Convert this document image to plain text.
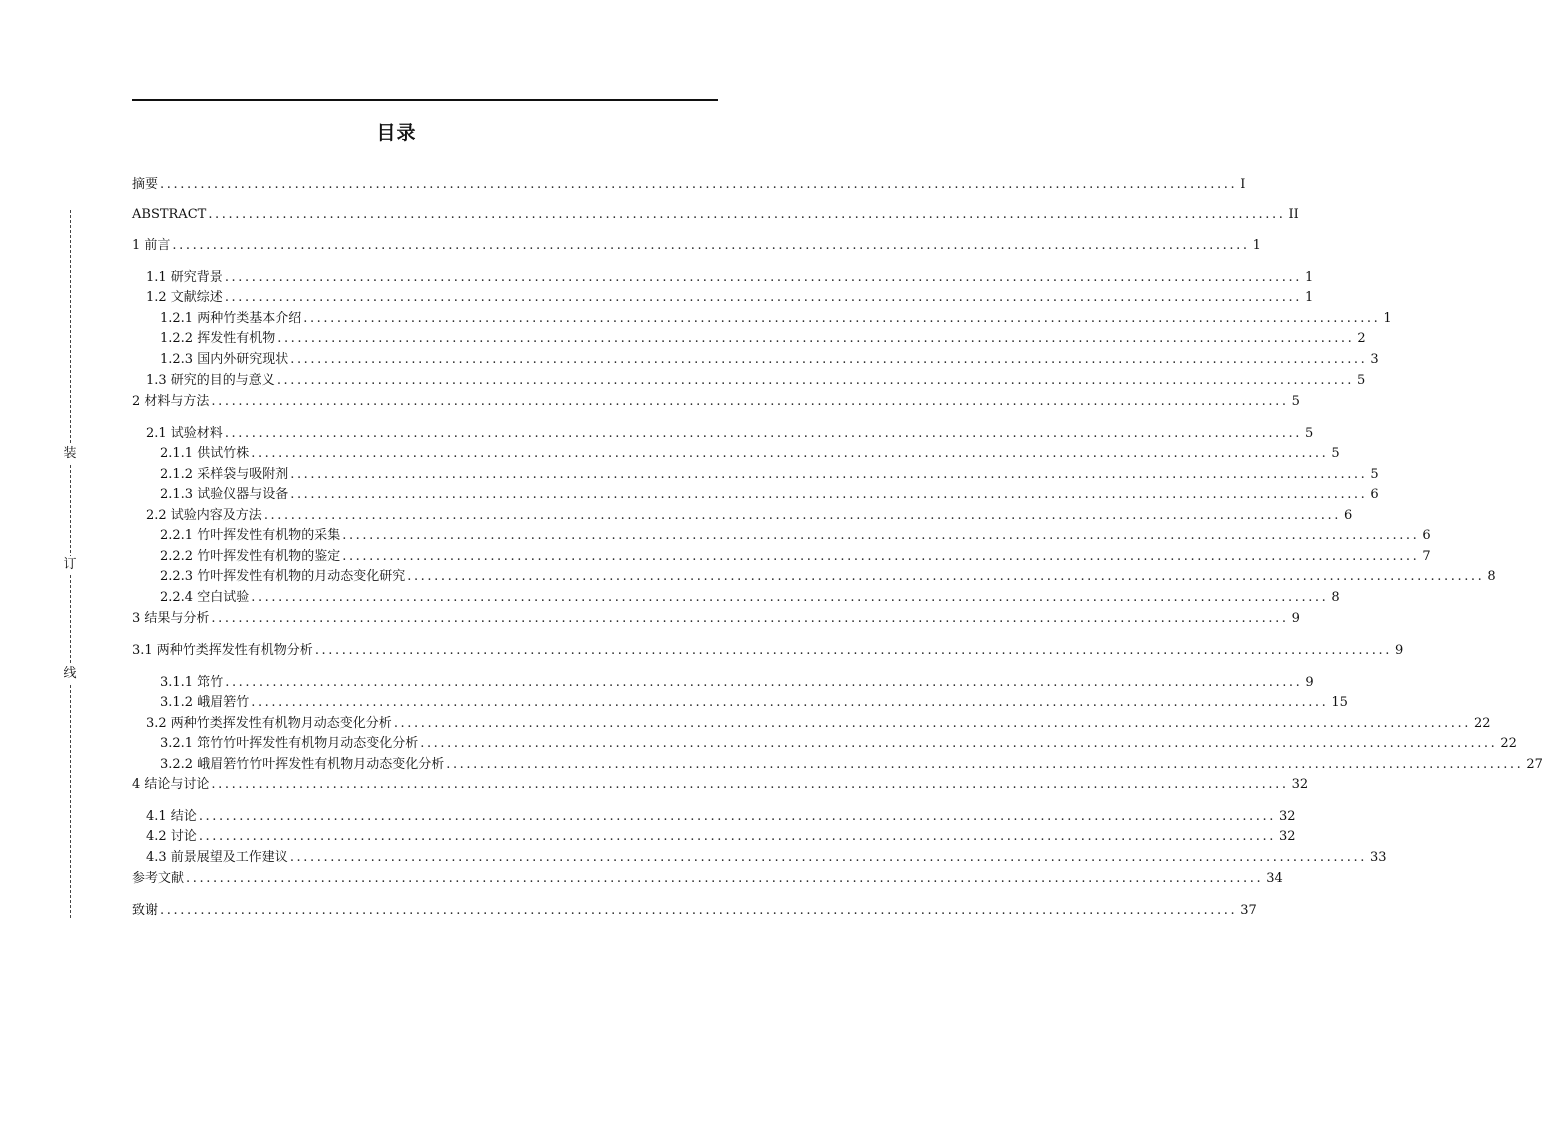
目录
装
订
线
摘要 ................................................................................................................................................................ I
ABSTRACT ................................................................................................................................................................ II
1 前言 ................................................................................................................................................................ 1
1.1 研究背景 ................................................................................................................................................................ 1
1.2 文献综述 ................................................................................................................................................................ 1
1.2.1 两种竹类基本介绍 ................................................................................................................................................................ 1
1.2.2 挥发性有机物 ................................................................................................................................................................ 2
1.2.3 国内外研究现状 ................................................................................................................................................................ 3
1.3 研究的目的与意义 ................................................................................................................................................................ 5
2 材料与方法 ................................................................................................................................................................ 5
2.1 试验材料 ................................................................................................................................................................ 5
2.1.1 供试竹株 ................................................................................................................................................................ 5
2.1.2 采样袋与吸附剂 ................................................................................................................................................................ 5
2.1.3 试验仪器与设备 ................................................................................................................................................................ 6
2.2 试验内容及方法 ................................................................................................................................................................ 6
2.2.1 竹叶挥发性有机物的采集 ................................................................................................................................................................ 6
2.2.2 竹叶挥发性有机物的鉴定 ................................................................................................................................................................ 7
2.2.3 竹叶挥发性有机物的月动态变化研究 ................................................................................................................................................................ 8
2.2.4 空白试验 ................................................................................................................................................................ 8
3 结果与分析 ................................................................................................................................................................ 9
3.1 两种竹类挥发性有机物分析 ................................................................................................................................................................ 9
3.1.1 筇竹 ................................................................................................................................................................ 9
3.1.2 峨眉箬竹 ................................................................................................................................................................ 15
3.2 两种竹类挥发性有机物月动态变化分析 ................................................................................................................................................................ 22
3.2.1 筇竹竹叶挥发性有机物月动态变化分析 ................................................................................................................................................................ 22
3.2.2 峨眉箬竹竹叶挥发性有机物月动态变化分析 ................................................................................................................................................................ 27
4 结论与讨论 ................................................................................................................................................................ 32
4.1 结论 ................................................................................................................................................................ 32
4.2 讨论 ................................................................................................................................................................ 32
4.3 前景展望及工作建议 ................................................................................................................................................................ 33
参考文献 ................................................................................................................................................................ 34
致谢 ................................................................................................................................................................ 37
